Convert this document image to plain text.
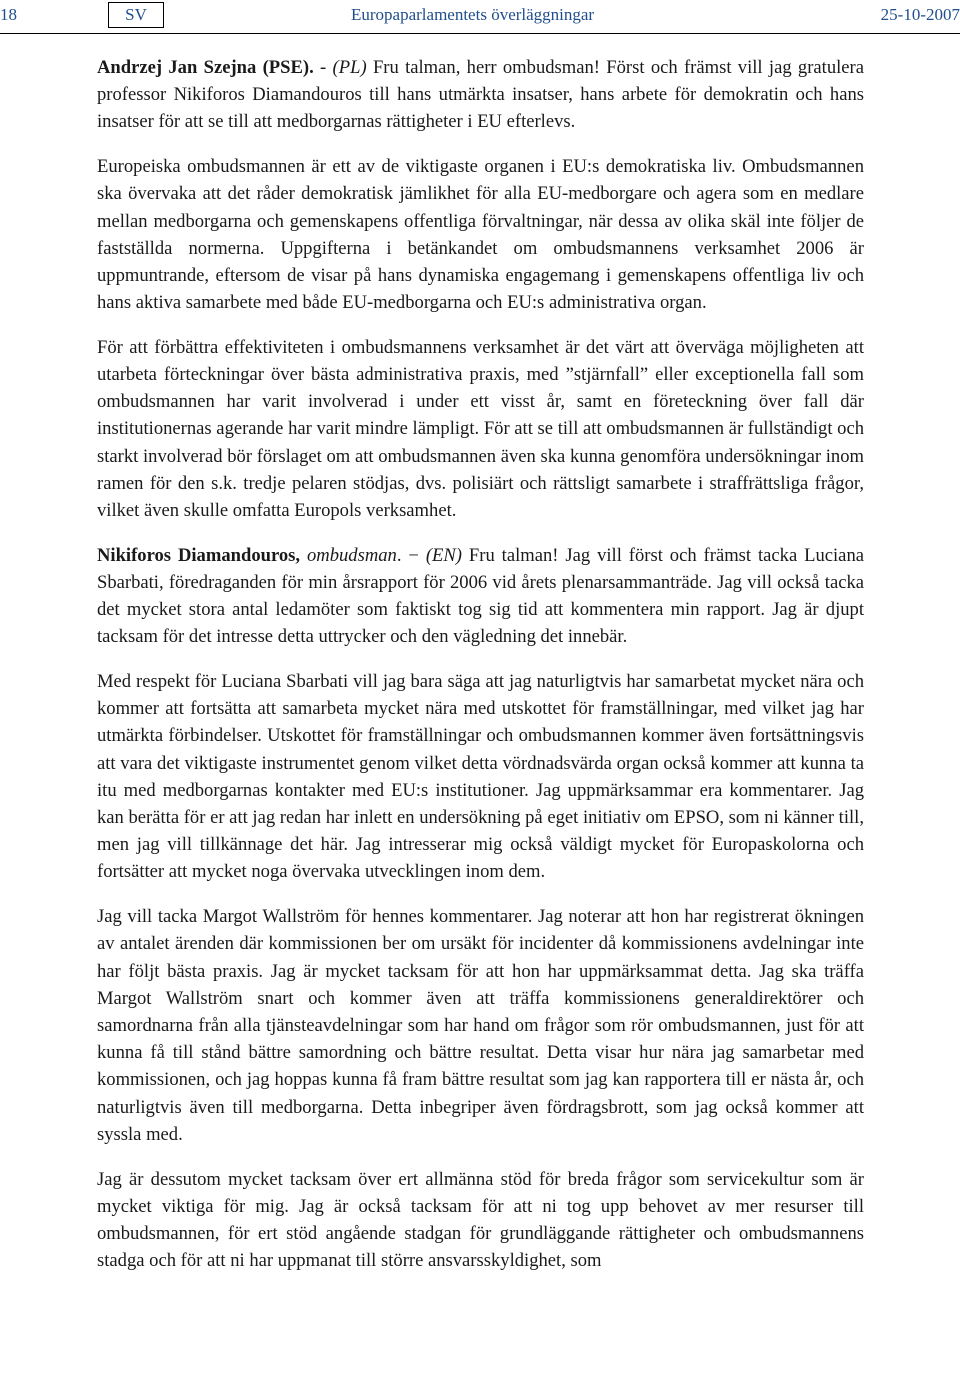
18	SV	Europaparlamentets överläggningar	25-10-2007

Andrzej Jan Szejna (PSE). - (PL) Fru talman, herr ombudsman! Först och främst vill jag gratulera professor Nikiforos Diamandouros till hans utmärkta insatser, hans arbete för demokratin och hans insatser för att se till att medborgarnas rättigheter i EU efterlevs.

Europeiska ombudsmannen är ett av de viktigaste organen i EU:s demokratiska liv. Ombudsmannen ska övervaka att det råder demokratisk jämlikhet för alla EU-medborgare och agera som en medlare mellan medborgarna och gemenskapens offentliga förvaltningar, när dessa av olika skäl inte följer de fastställda normerna. Uppgifterna i betänkandet om ombudsmannens verksamhet 2006 är uppmuntrande, eftersom de visar på hans dynamiska engagemang i gemenskapens offentliga liv och hans aktiva samarbete med både EU-medborgarna och EU:s administrativa organ.

För att förbättra effektiviteten i ombudsmannens verksamhet är det värt att överväga möjligheten att utarbeta förteckningar över bästa administrativa praxis, med ”stjärnfall” eller exceptionella fall som ombudsmannen har varit involverad i under ett visst år, samt en företeckning över fall där institutionernas agerande har varit mindre lämpligt. För att se till att ombudsmannen är fullständigt och starkt involverad bör förslaget om att ombudsmannen även ska kunna genomföra undersökningar inom ramen för den s.k. tredje pelaren stödjas, dvs. polisiärt och rättsligt samarbete i straffrättsliga frågor, vilket även skulle omfatta Europols verksamhet.

Nikiforos Diamandouros, ombudsman. − (EN) Fru talman! Jag vill först och främst tacka Luciana Sbarbati, föredraganden för min årsrapport för 2006 vid årets plenarsammanträde. Jag vill också tacka det mycket stora antal ledamöter som faktiskt tog sig tid att kommentera min rapport. Jag är djupt tacksam för det intresse detta uttrycker och den vägledning det innebär.

Med respekt för Luciana Sbarbati vill jag bara säga att jag naturligtvis har samarbetat mycket nära och kommer att fortsätta att samarbeta mycket nära med utskottet för framställningar, med vilket jag har utmärkta förbindelser. Utskottet för framställningar och ombudsmannen kommer även fortsättningsvis att vara det viktigaste instrumentet genom vilket detta vördnadsvärda organ också kommer att kunna ta itu med medborgarnas kontakter med EU:s institutioner. Jag uppmärksammar era kommentarer. Jag kan berätta för er att jag redan har inlett en undersökning på eget initiativ om EPSO, som ni känner till, men jag vill tillkännage det här. Jag intresserar mig också väldigt mycket för Europaskolorna och fortsätter att mycket noga övervaka utvecklingen inom dem.

Jag vill tacka Margot Wallström för hennes kommentarer. Jag noterar att hon har registrerat ökningen av antalet ärenden där kommissionen ber om ursäkt för incidenter då kommissionens avdelningar inte har följt bästa praxis. Jag är mycket tacksam för att hon har uppmärksammat detta. Jag ska träffa Margot Wallström snart och kommer även att träffa kommissionens generaldirektörer och samordnarna från alla tjänsteavdelningar som har hand om frågor som rör ombudsmannen, just för att kunna få till stånd bättre samordning och bättre resultat. Detta visar hur nära jag samarbetar med kommissionen, och jag hoppas kunna få fram bättre resultat som jag kan rapportera till er nästa år, och naturligtvis även till medborgarna. Detta inbegriper även fördragsbrott, som jag också kommer att syssla med.

Jag är dessutom mycket tacksam över ert allmänna stöd för breda frågor som servicekultur som är mycket viktiga för mig. Jag är också tacksam för att ni tog upp behovet av mer resurser till ombudsmannen, för ert stöd angående stadgan för grundläggande rättigheter och ombudsmannens stadga och för att ni har uppmanat till större ansvarsskyldighet, som
